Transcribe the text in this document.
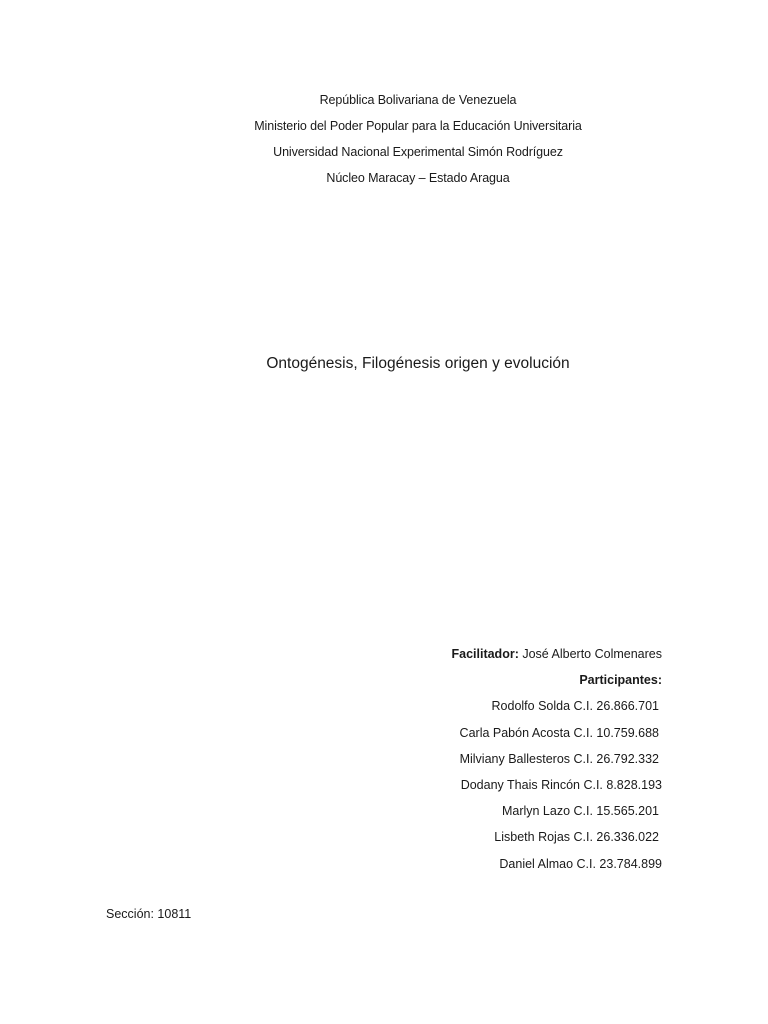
República Bolivariana de Venezuela
Ministerio del Poder Popular para la Educación Universitaria
Universidad Nacional Experimental Simón Rodríguez
Núcleo Maracay – Estado Aragua
Ontogénesis, Filogénesis origen y evolución
Facilitador: José Alberto Colmenares
Participantes:
Rodolfo Solda C.I. 26.866.701
Carla Pabón Acosta C.I. 10.759.688
Milviany Ballesteros C.I. 26.792.332
Dodany Thais Rincón C.I. 8.828.193
Marlyn Lazo C.I. 15.565.201
Lisbeth Rojas C.I. 26.336.022
Daniel Almao C.I. 23.784.899
Sección: 10811
